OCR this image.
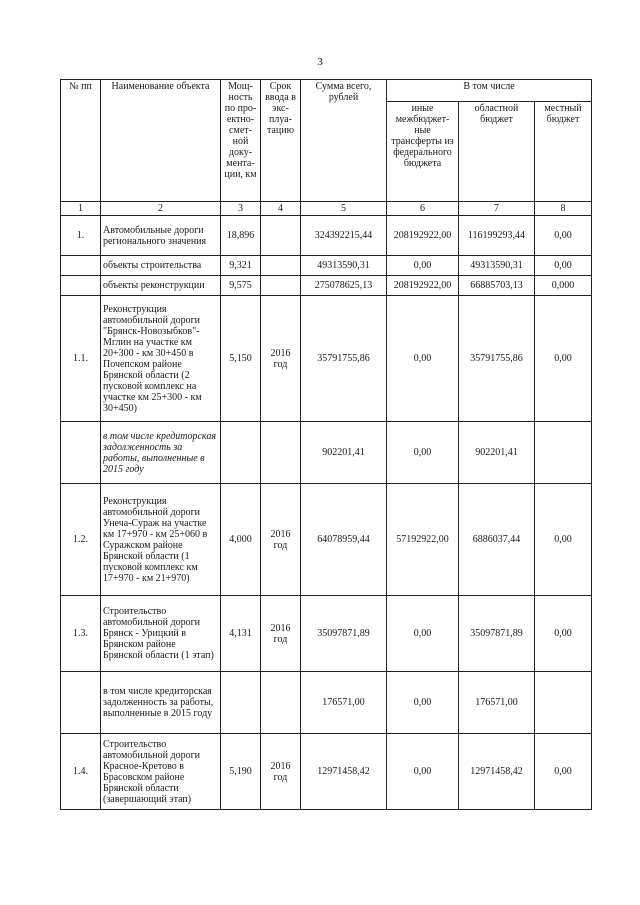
3
№ пп	Наименование объекта	Мощ-ность по про-ектно-смет-ной доку-мента-ции, км	Срок ввода в экс-плуа-тацию	Сумма всего, рублей	В том числе		
					иные межбюджет-ные трансферты из федерального бюджета	областной бюджет	местный бюджет
1	2	3	4	5	6	7	8
1.	Автомобильные дороги регионального значения	18,896		324392215,44	208192922,00	116199293,44	0,00
	объекты строительства	9,321		49313590,31	0,00	49313590,31	0,00
	объекты реконструкции	9,575		275078625,13	208192922,00	66885703,13	0,000
1.1.	Реконструкция автомобильной дороги "Брянск-Новозыбков"-Мглин на участке км 20+300 - км 30+450 в Почепском районе Брянской области (2 пусковой комплекс на участке км 25+300 - км 30+450)	5,150	2016 год	35791755,86	0,00	35791755,86	0,00
	в том числе кредиторская задолженность за работы, выполненные в 2015 году			902201,41	0,00	902201,41	
1.2.	Реконструкция автомобильной дороги Унеча-Сураж на участке км 17+970 - км 25+060 в Суражском районе Брянской области (1 пусковой комплекс км 17+970 - км 21+970)	4,000	2016 год	64078959,44	57192922,00	6886037,44	0,00
1.3.	Строительство автомобильной дороги Брянск - Урицкий в Брянском районе Брянской области (1 этап)	4,131	2016 год	35097871,89	0,00	35097871,89	0,00
	в том числе кредиторская задолженность за работы, выполненные в 2015 году			176571,00	0,00	176571,00	
1.4.	Строительство автомобильной дороги Красное-Кретово в Брасовском районе Брянской области (завершающий этап)	5,190	2016 год	12971458,42	0,00	12971458,42	0,00
